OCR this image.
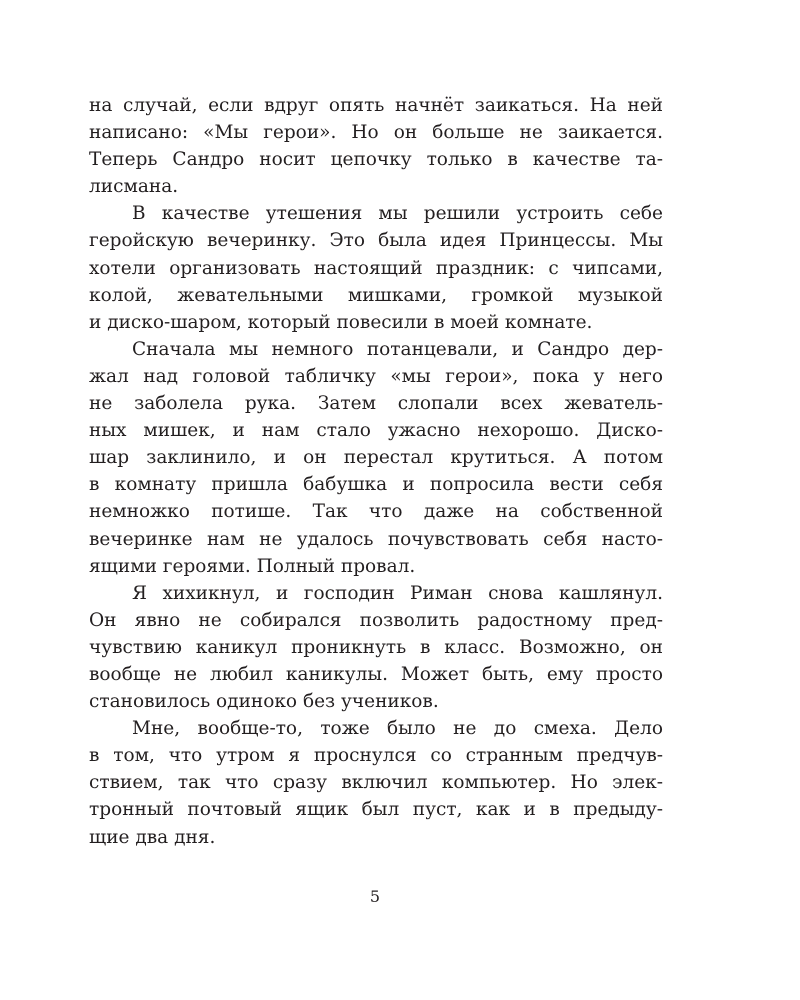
на случай, если вдруг опять начнёт заикаться. На ней
написано: «Мы герои». Но он больше не заикается.
Теперь Сандро носит цепочку только в качестве та-
лисмана.
В качестве утешения мы решили устроить себе
геройскую вечеринку. Это была идея Принцессы. Мы
хотели организовать настоящий праздник: с чипсами,
колой, жевательными мишками, громкой музыкой
и диско-шаром, который повесили в моей комнате.
Сначала мы немного потанцевали, и Сандро дер-
жал над головой табличку «мы герои», пока у него
не заболела рука. Затем слопали всех жеватель-
ных мишек, и нам стало ужасно нехорошо. Диско-
шар заклинило, и он перестал крутиться. А потом
в комнату пришла бабушка и попросила вести себя
немножко потише. Так что даже на собственной
вечеринке нам не удалось почувствовать себя насто-
ящими героями. Полный провал.
Я хихикнул, и господин Риман снова кашлянул.
Он явно не собирался позволить радостному пред-
чувствию каникул проникнуть в класс. Возможно, он
вообще не любил каникулы. Может быть, ему просто
становилось одиноко без учеников.
Мне, вообще-то, тоже было не до смеха. Дело
в том, что утром я проснулся со странным предчув-
ствием, так что сразу включил компьютер. Но элек-
тронный почтовый ящик был пуст, как и в предыду-
щие два дня.
5
